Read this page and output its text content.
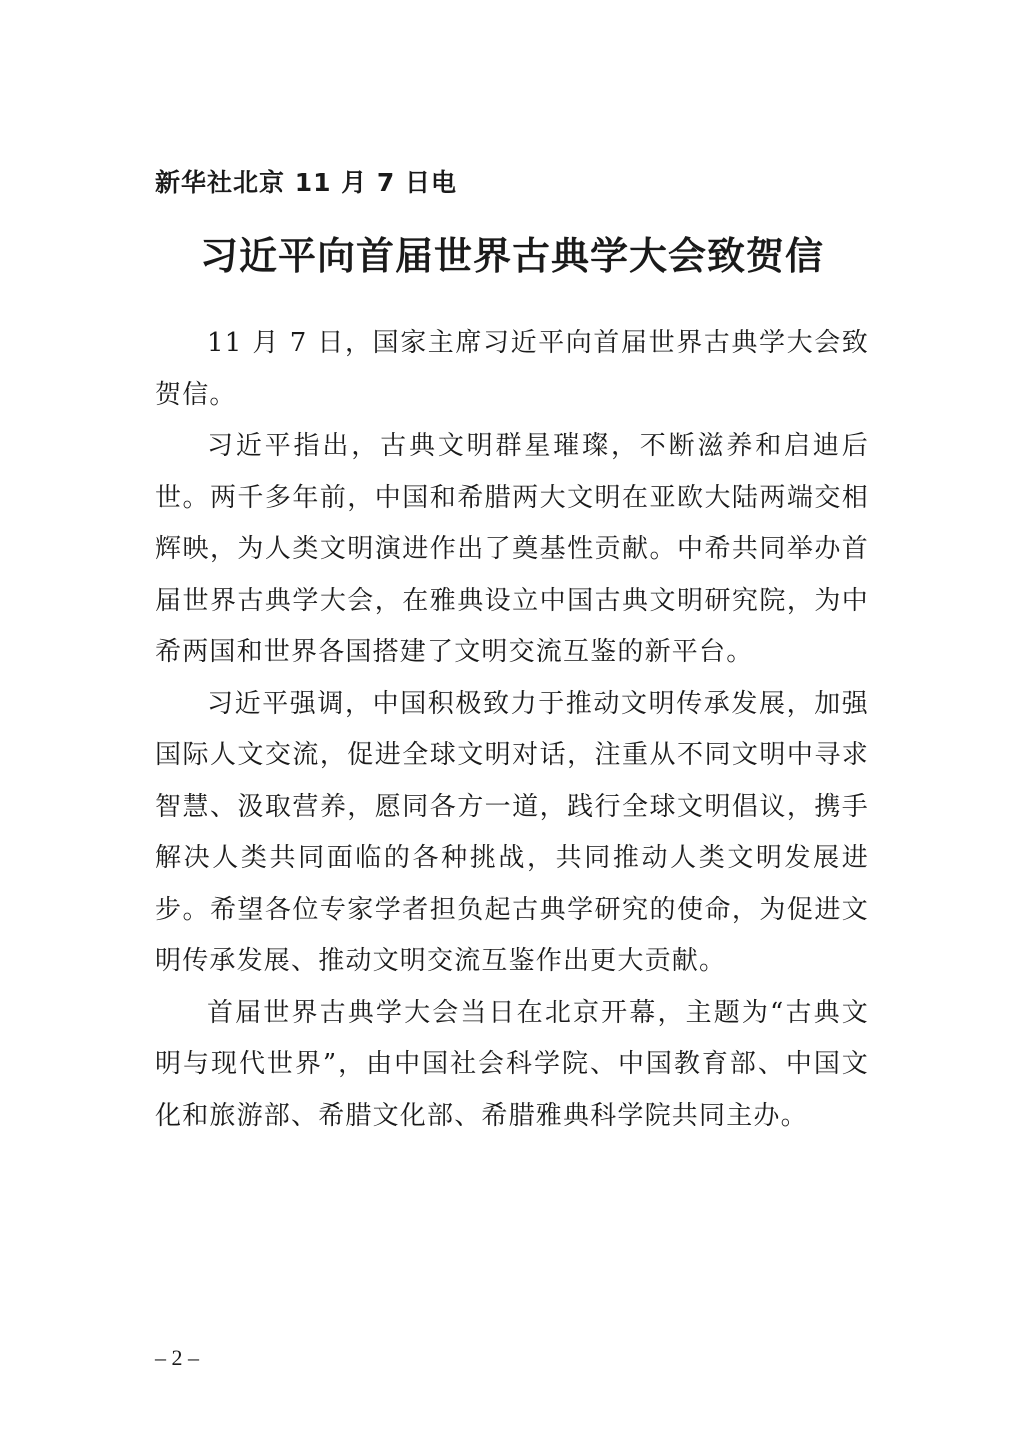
新华社北京 11 月 7 日电
习近平向首届世界古典学大会致贺信

11 月 7 日，国家主席习近平向首届世界古典学大会致贺信。

习近平指出，古典文明群星璀璨，不断滋养和启迪后世。两千多年前，中国和希腊两大文明在亚欧大陆两端交相辉映，为人类文明演进作出了奠基性贡献。中希共同举办首届世界古典学大会，在雅典设立中国古典文明研究院，为中希两国和世界各国搭建了文明交流互鉴的新平台。

习近平强调，中国积极致力于推动文明传承发展，加强国际人文交流，促进全球文明对话，注重从不同文明中寻求智慧、汲取营养，愿同各方一道，践行全球文明倡议，携手解决人类共同面临的各种挑战，共同推动人类文明发展进步。希望各位专家学者担负起古典学研究的使命，为促进文明传承发展、推动文明交流互鉴作出更大贡献。

首届世界古典学大会当日在北京开幕，主题为“古典文明与现代世界”，由中国社会科学院、中国教育部、中国文化和旅游部、希腊文化部、希腊雅典科学院共同主办。

– 2 –
